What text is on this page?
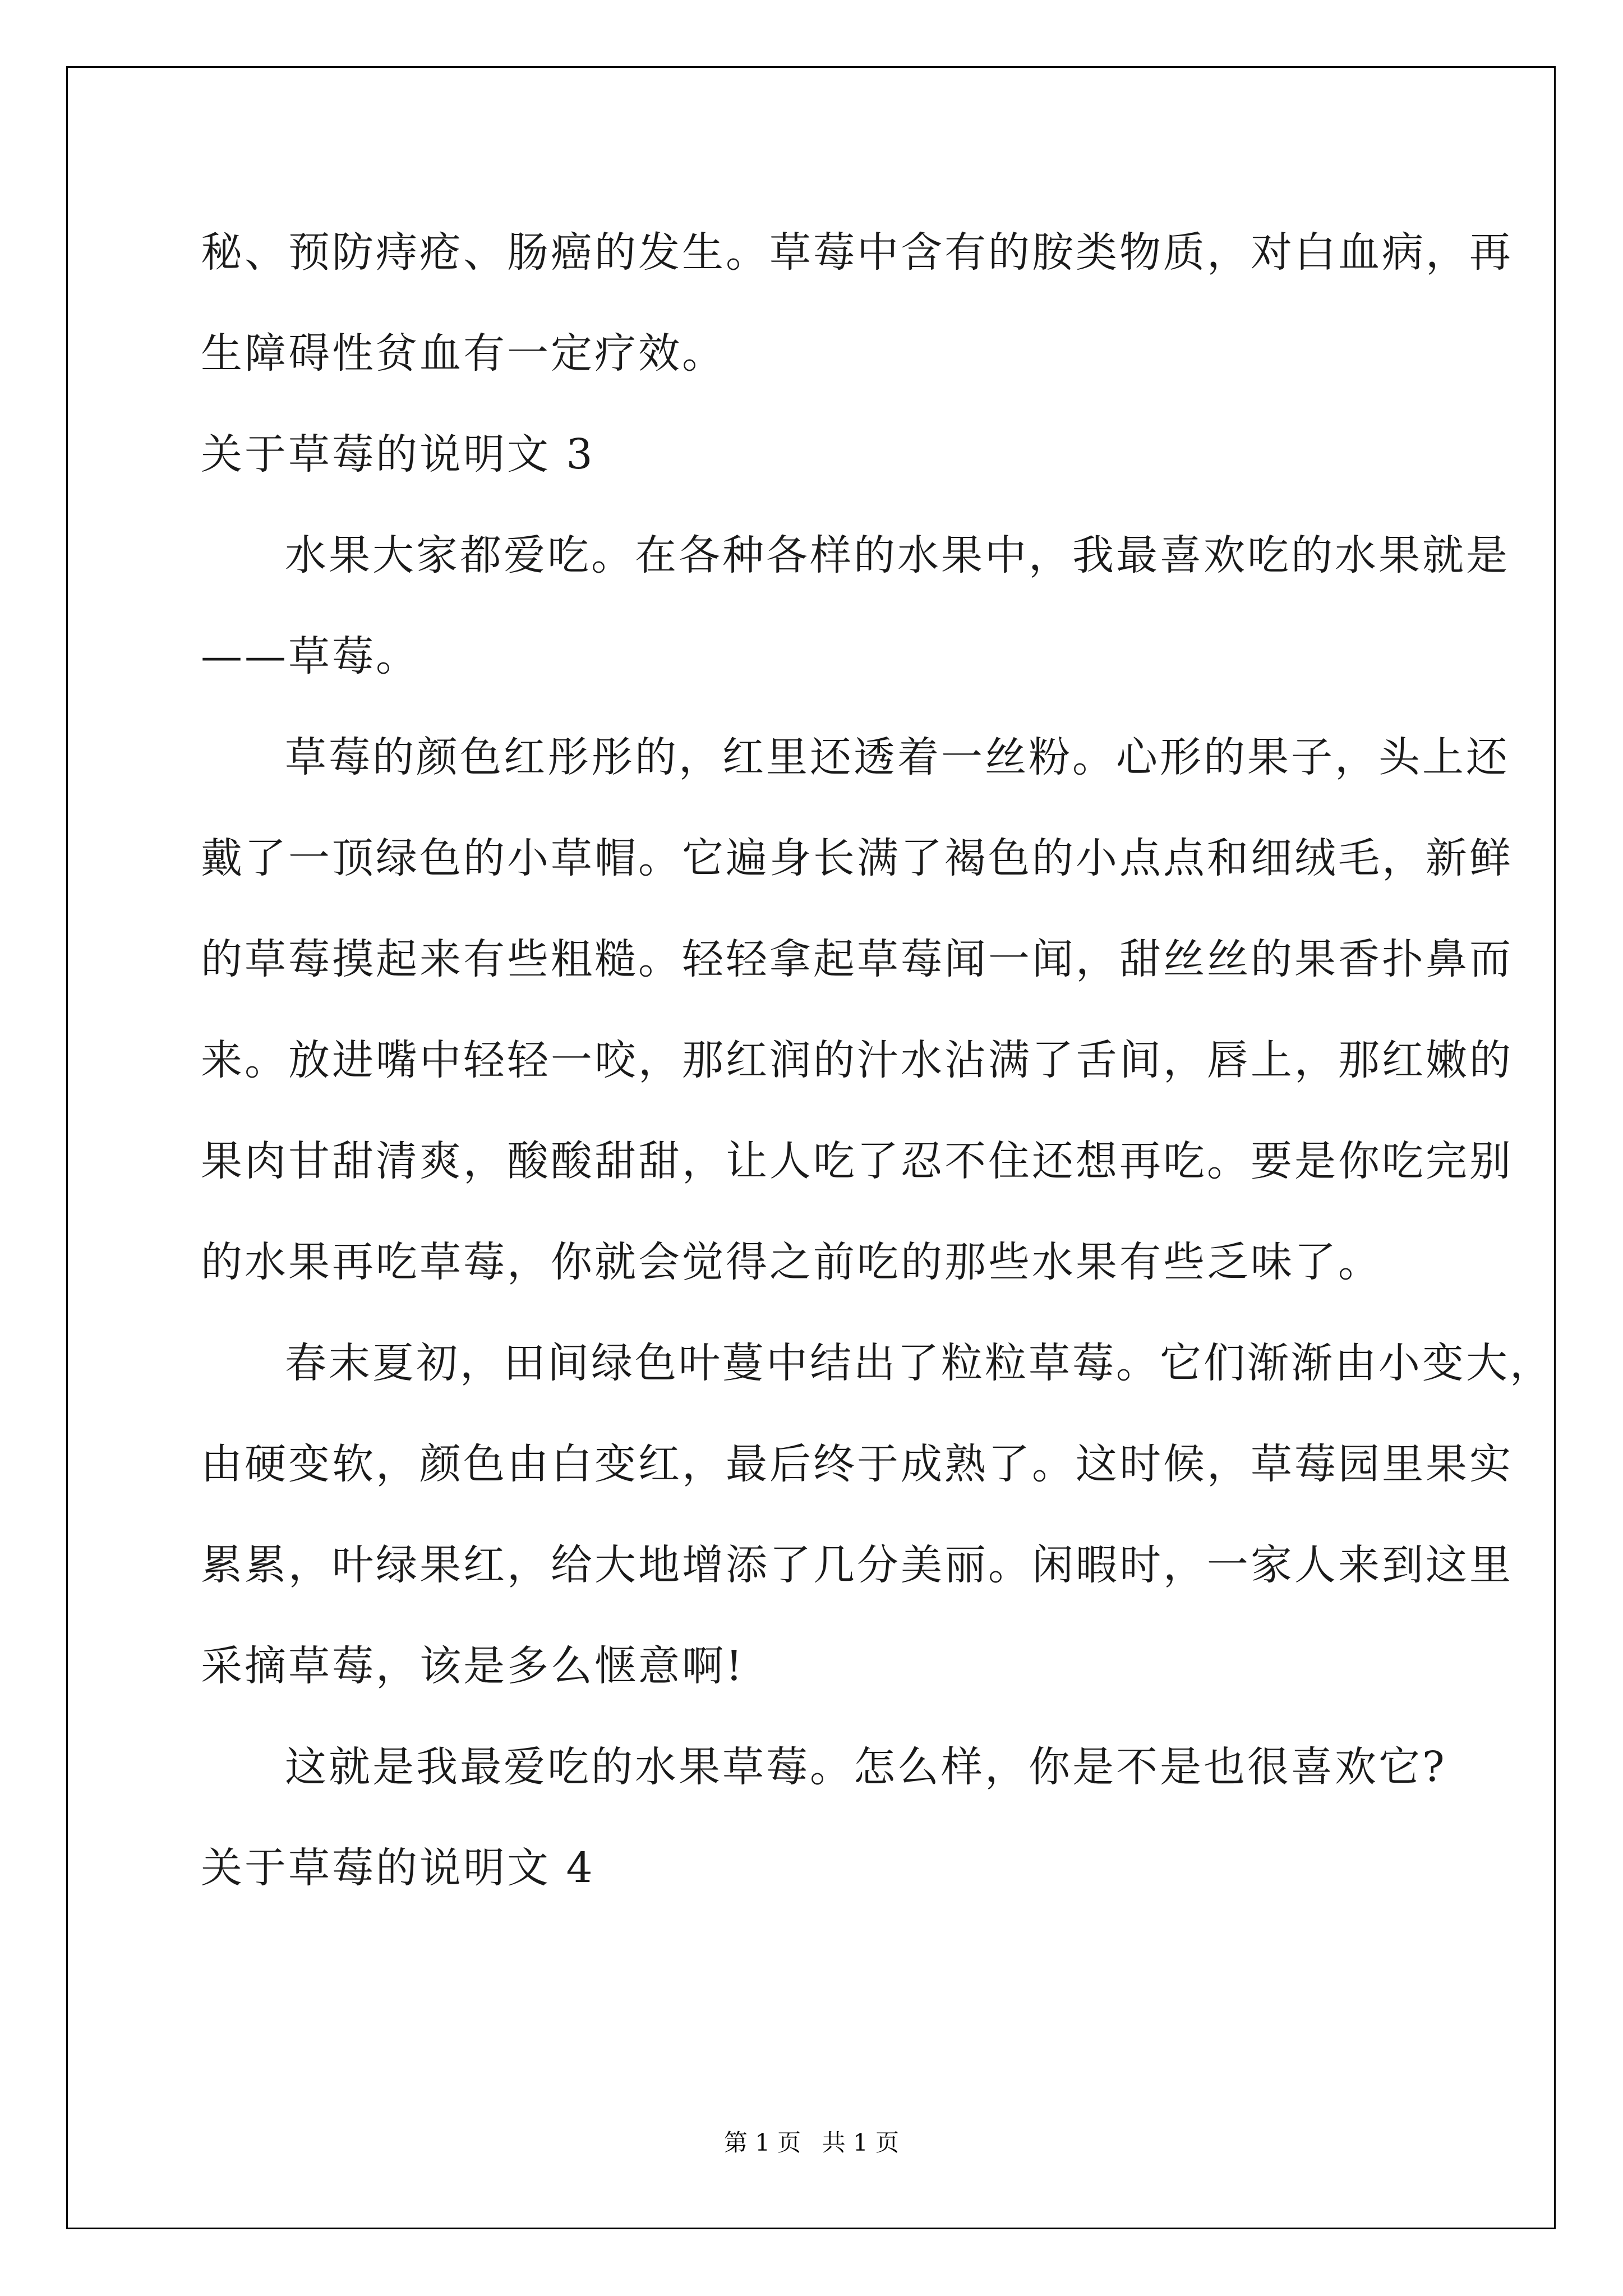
秘、预防痔疮、肠癌的发生。草莓中含有的胺类物质，对白血病，再
生障碍性贫血有一定疗效。
关于草莓的说明文 3
水果大家都爱吃。在各种各样的水果中，我最喜欢吃的水果就是
——草莓。
草莓的颜色红彤彤的，红里还透着一丝粉。心形的果子，头上还
戴了一顶绿色的小草帽。它遍身长满了褐色的小点点和细绒毛，新鲜
的草莓摸起来有些粗糙。轻轻拿起草莓闻一闻，甜丝丝的果香扑鼻而
来。放进嘴中轻轻一咬，那红润的汁水沾满了舌间，唇上，那红嫩的
果肉甘甜清爽，酸酸甜甜，让人吃了忍不住还想再吃。要是你吃完别
的水果再吃草莓，你就会觉得之前吃的那些水果有些乏味了。
春末夏初，田间绿色叶蔓中结出了粒粒草莓。它们渐渐由小变大，
由硬变软，颜色由白变红，最后终于成熟了。这时候，草莓园里果实
累累，叶绿果红，给大地增添了几分美丽。闲暇时，一家人来到这里
采摘草莓，该是多么惬意啊!
这就是我最爱吃的水果草莓。怎么样，你是不是也很喜欢它?
关于草莓的说明文 4
第 1 页 共 1 页
